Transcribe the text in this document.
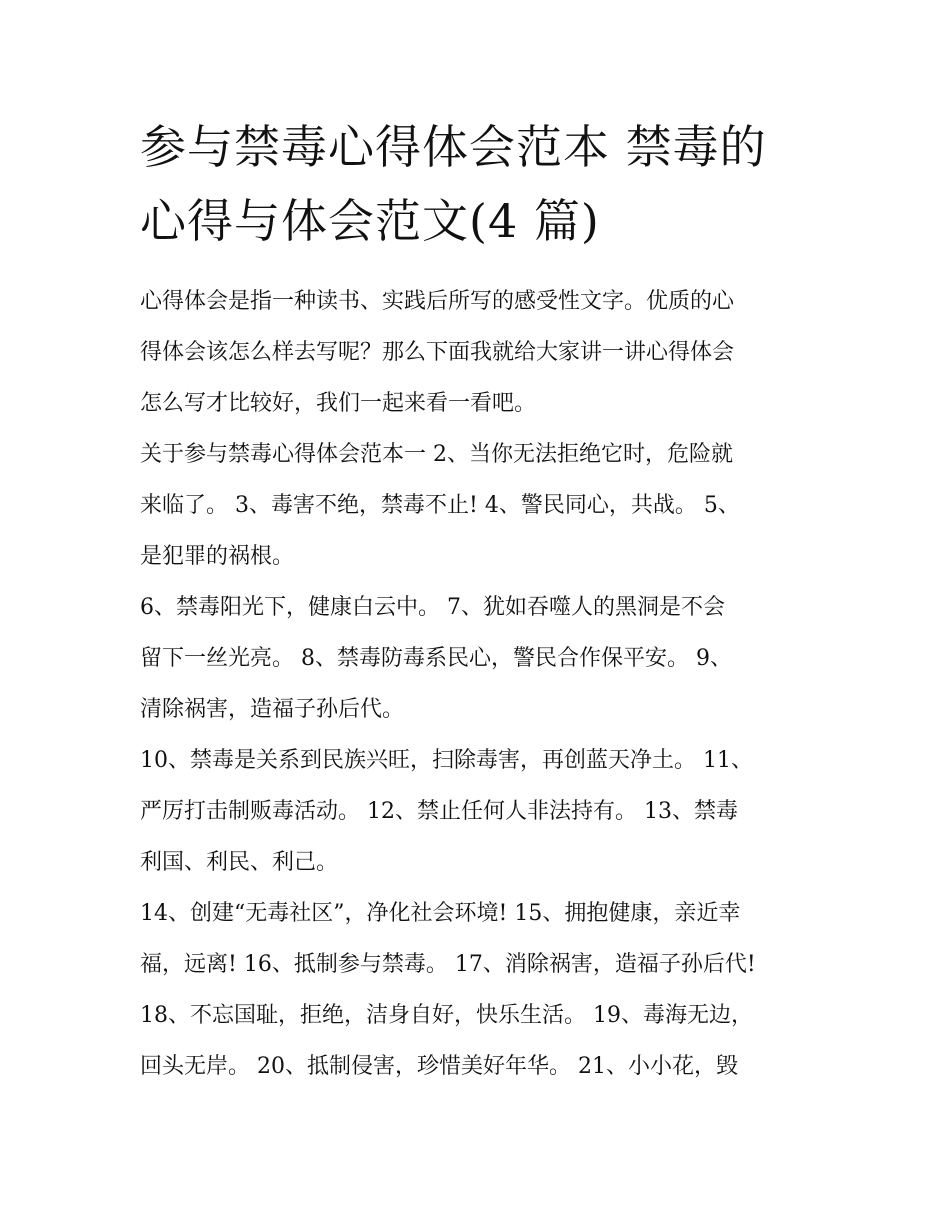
参与禁毒心得体会范本 禁毒的
心得与体会范文(4 篇)

心得体会是指一种读书、实践后所写的感受性文字。优质的心
得体会该怎么样去写呢？那么下面我就给大家讲一讲心得体会
怎么写才比较好，我们一起来看一看吧。

关于参与禁毒心得体会范本一 2、当你无法拒绝它时，危险就
来临了。 3、毒害不绝，禁毒不止! 4、警民同心，共战。 5、
是犯罪的祸根。

6、禁毒阳光下，健康白云中。 7、犹如吞噬人的黑洞是不会
留下一丝光亮。 8、禁毒防毒系民心，警民合作保平安。 9、
清除祸害，造福子孙后代。

10、禁毒是关系到民族兴旺，扫除毒害，再创蓝天净土。 11、
严厉打击制贩毒活动。 12、禁止任何人非法持有。 13、禁毒
利国、利民、利己。

14、创建“无毒社区”，净化社会环境! 15、拥抱健康，亲近幸
福，远离! 16、抵制参与禁毒。 17、消除祸害，造福子孙后代!
18、不忘国耻，拒绝，洁身自好，快乐生活。 19、毒海无边，
回头无岸。 20、抵制侵害，珍惜美好年华。 21、小小花，毁
